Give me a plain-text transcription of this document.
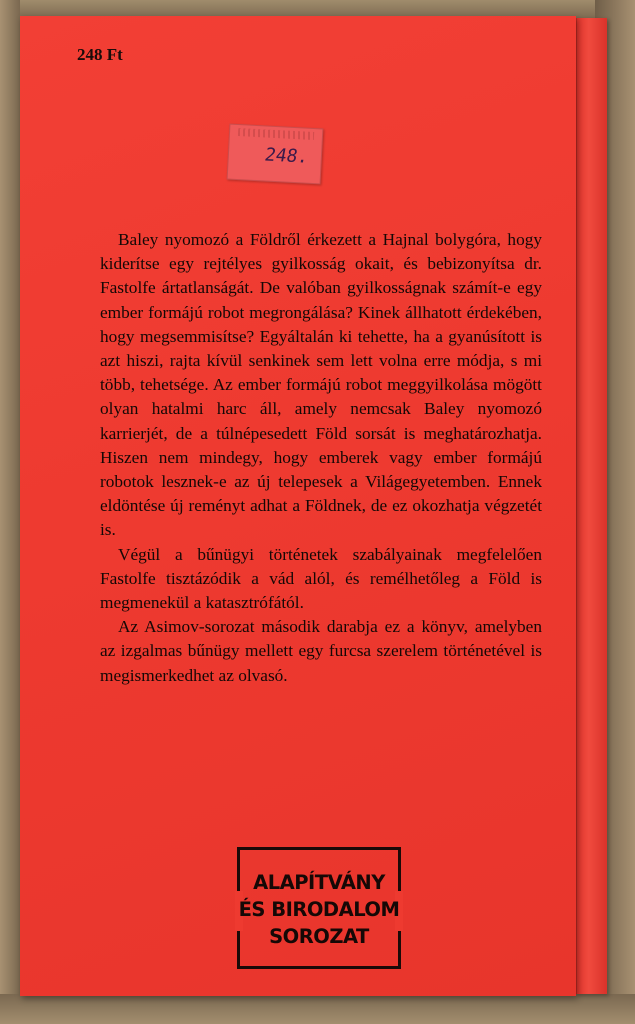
248 Ft
248.

Baley nyomozó a Földről érkezett a Hajnal bolygóra, hogy kiderítse egy rejtélyes gyilkosság okait, és bebizonyítsa dr. Fastolfe ártatlanságát. De valóban gyilkosságnak számít-e egy ember formájú robot megrongálása? Kinek állhatott érdekében, hogy megsemmisítse? Egyáltalán ki tehette, ha a gyanúsított is azt hiszi, rajta kívül senkinek sem lett volna erre módja, s mi több, tehetsége. Az ember formájú robot meggyilkolása mögött olyan hatalmi harc áll, amely nemcsak Baley nyomozó karrierjét, de a túlnépesedett Föld sorsát is meghatározhatja. Hiszen nem mindegy, hogy emberek vagy ember formájú robotok lesznek-e az új telepesek a Világegyetemben. Ennek eldöntése új reményt adhat a Földnek, de ez okozhatja végzetét is.

Végül a bűnügyi történetek szabályainak megfelelően Fastolfe tisztázódik a vád alól, és remélhetőleg a Föld is megmenekül a katasztrófától.

Az Asimov-sorozat második darabja ez a könyv, amelyben az izgalmas bűnügy mellett egy furcsa szerelem történetével is megismerkedhet az olvasó.

ALAPÍTVÁNY
ÉS BIRODALOM
SOROZAT
